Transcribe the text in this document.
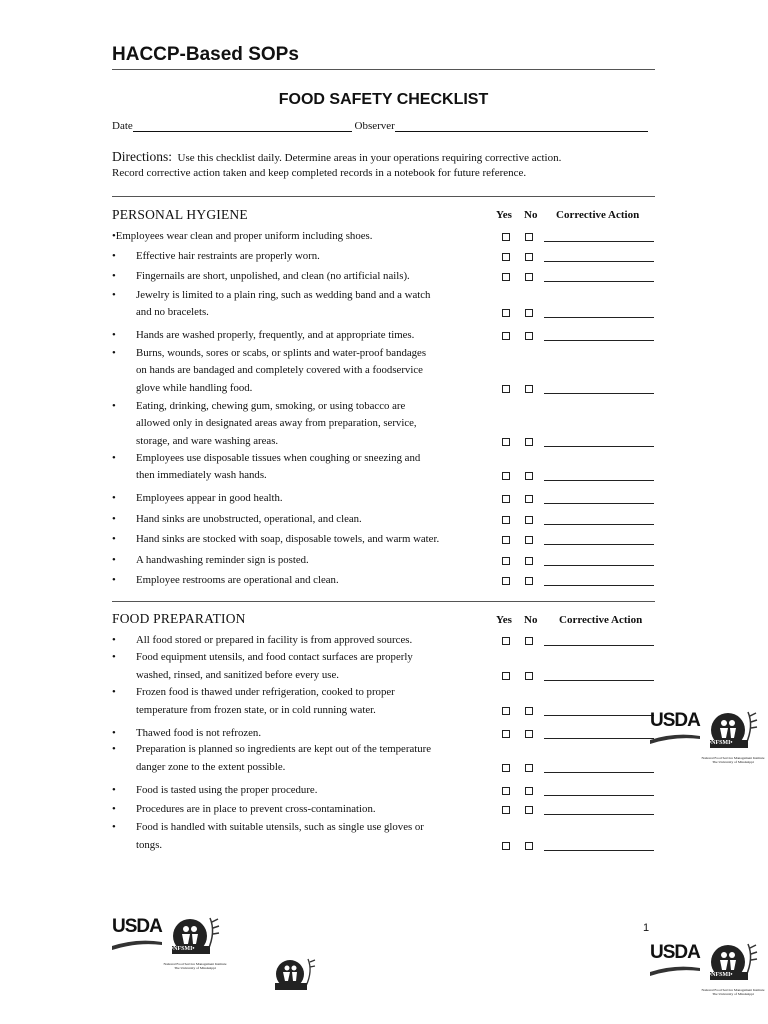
HACCP-Based SOPs
FOOD SAFETY CHECKLIST
Date	Observer
Directions: Use this checklist daily. Determine areas in your operations requiring corrective action.
Record corrective action taken and keep completed records in a notebook for future reference.
PERSONAL HYGIENE	Yes No Corrective Action
•Employees wear clean and proper uniform including shoes.
• Effective hair restraints are properly worn.
• Fingernails are short, unpolished, and clean (no artificial nails).
• Jewelry is limited to a plain ring, such as wedding band and a watch
and no bracelets.
• Hands are washed properly, frequently, and at appropriate times.
• Burns, wounds, sores or scabs, or splints and water-proof bandages
on hands are bandaged and completely covered with a foodservice
glove while handling food.
• Eating, drinking, chewing gum, smoking, or using tobacco are
allowed only in designated areas away from preparation, service,
storage, and ware washing areas.
• Employees use disposable tissues when coughing or sneezing and
then immediately wash hands.
• Employees appear in good health.
• Hand sinks are unobstructed, operational, and clean.
• Hand sinks are stocked with soap, disposable towels, and warm water.
• A handwashing reminder sign is posted.
• Employee restrooms are operational and clean.
FOOD PREPARATION	Yes No Corrective Action
• All food stored or prepared in facility is from approved sources.
• Food equipment utensils, and food contact surfaces are properly
washed, rinsed, and sanitized before every use.
• Frozen food is thawed under refrigeration, cooked to proper
temperature from frozen state, or in cold running water.
• Thawed food is not refrozen.
• Preparation is planned so ingredients are kept out of the temperature
danger zone to the extent possible.
• Food is tasted using the proper procedure.
• Procedures are in place to prevent cross-contamination.
• Food is handled with suitable utensils, such as single use gloves or
tongs.
USDA
•NFSMI•
National Food Service Management Institute
The University of Mississippi
USDA
•NFSMI•
National Food Service Management Institute
The University of Mississippi
1
USDA
•NFSMI•
National Food Service Management Institute
The University of Mississippi
